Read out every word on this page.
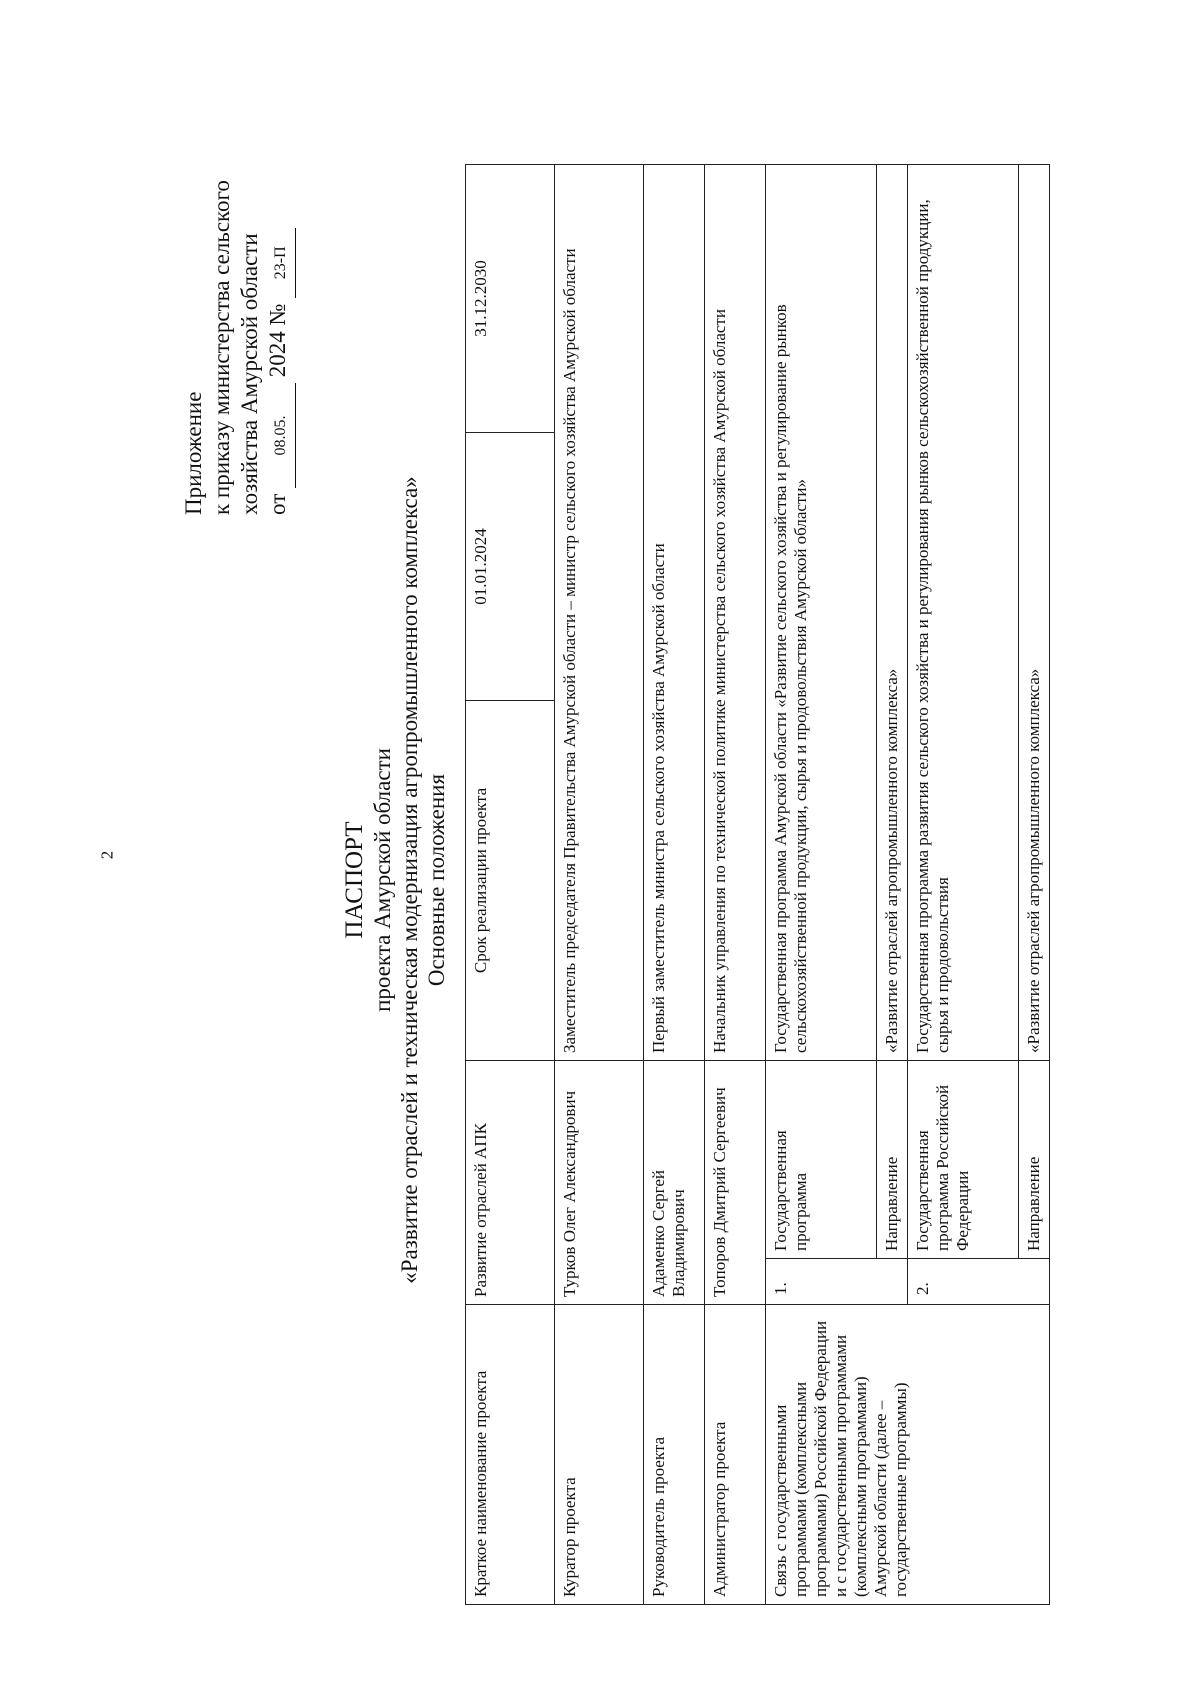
2
Приложение к приказу министерства сельского хозяйства Амурской области от 08.05. 2024 № 23-П
ПАСПОРТ проекта Амурской области «Развитие отраслей и техническая модернизация агропромышленного комплекса» Основные положения
Краткое наименование проекта	Развитие отраслей АПК		Срок реализации проекта	01.01.2024	31.12.2030
Куратор проекта	Турков Олег Александрович		Заместитель председателя Правительства Амурской области – министр сельского хозяйства Амурской области		
Руководитель проекта	Адаменко Сергей Владимирович		Первый заместитель министра сельского хозяйства Амурской области		
Администратор проекта	Топоров Дмитрий Сергеевич		Начальник управления по технической политике министерства сельского хозяйства Амурской области		
Связь с государственными программами (комплексными программами) Российской Федерации и с государственными программами (комплексными программами) Амурской области (далее – государственные программы)	1.	Государственная программа	Государственная программа Амурской области «Развитие сельского хозяйства и регулирование рынков сельскохозяйственной продукции, сырья и продовольствия Амурской области»		
		Направление	«Развитие отраслей агропромышленного комплекса»		
	2.	Государственная программа Российской Федерации	Государственная программа развития сельского хозяйства и регулирования рынков сельскохозяйственной продукции, сырья и продовольствия		
		Направление	«Развитие отраслей агропромышленного комплекса»		
